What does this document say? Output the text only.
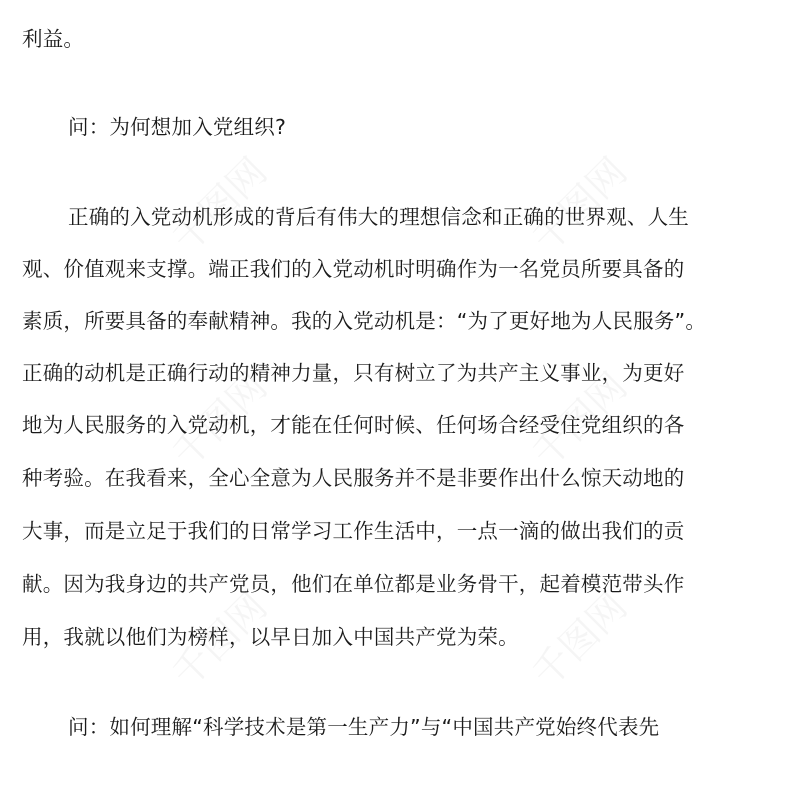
千图网	千图网
千图网	千图网
千图网	千图网
利益。
问：为何想加入党组织?
正确的入党动机形成的背后有伟大的理想信念和正确的世界观、人生
观、价值观来支撑。端正我们的入党动机时明确作为一名党员所要具备的
素质，所要具备的奉献精神。我的入党动机是：“为了更好地为人民服务”。
正确的动机是正确行动的精神力量，只有树立了为共产主义事业，为更好
地为人民服务的入党动机，才能在任何时候、任何场合经受住党组织的各
种考验。在我看来，全心全意为人民服务并不是非要作出什么惊天动地的
大事，而是立足于我们的日常学习工作生活中，一点一滴的做出我们的贡
献。因为我身边的共产党员，他们在单位都是业务骨干，起着模范带头作
用，我就以他们为榜样，以早日加入中国共产党为荣。
问：如何理解“科学技术是第一生产力”与“中国共产党始终代表先
